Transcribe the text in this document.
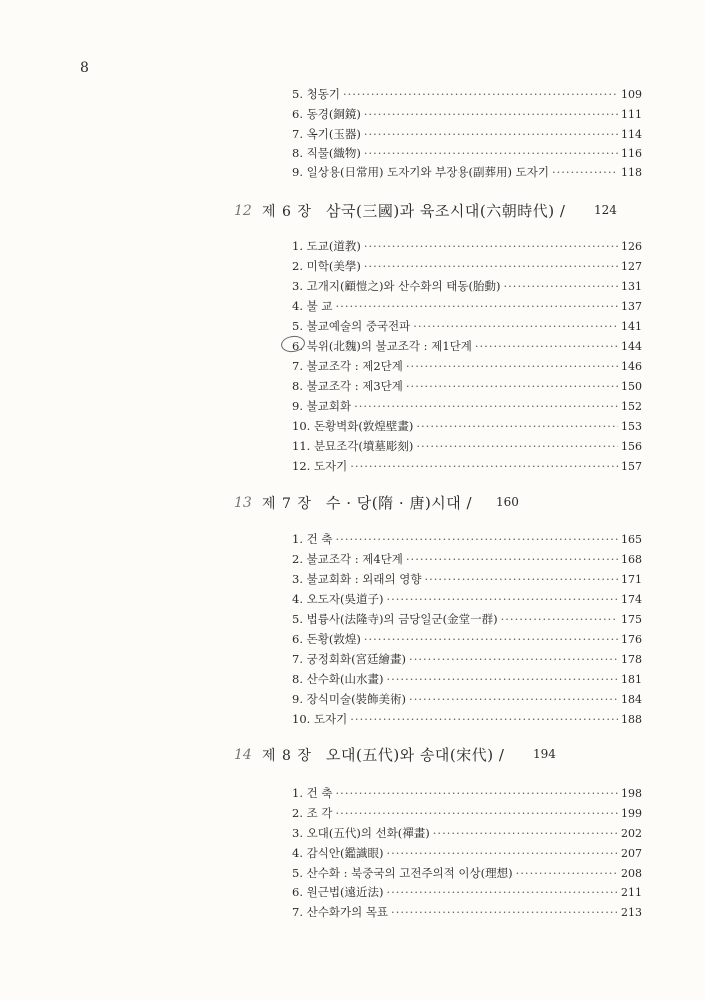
8
5. 청동기 ·····	109
6. 동경(銅鏡) ·····	111
7. 옥기(玉器) ·····	114
8. 직물(織物) ·····	116
9. 일상용(日常用) 도자기와 부장용(副葬用) 도자기 ·····	118
12 제 6 장 삼국(三國)과 육조시대(六朝時代) / 124
1. 도교(道教) ·····	126
2. 미학(美學) ·····	127
3. 고개지(顧愷之)와 산수화의 태동(胎動) ·····	131
4. 불 교 ·····	137
5. 불교예술의 중국전파 ·····	141
6. 북위(北魏)의 불교조각 : 제1단계 ·····	144
7. 불교조각 : 제2단계 ·····	146
8. 불교조각 : 제3단계 ·····	150
9. 불교회화 ·····	152
10. 돈황벽화(敦煌壁畫) ·····	153
11. 분묘조각(墳墓彫刻) ·····	156
12. 도자기 ·····	157
13 제 7 장 수 · 당(隋 · 唐)시대 / 160
1. 건 축 ·····	165
2. 불교조각 : 제4단계 ·····	168
3. 불교회화 : 외래의 영향 ·····	171
4. 오도자(吳道子) ·····	174
5. 법륭사(法隆寺)의 금당일군(金堂一群) ·····	175
6. 돈황(敦煌) ·····	176
7. 궁정회화(宮廷繪畫) ·····	178
8. 산수화(山水畫) ·····	181
9. 장식미술(裝飾美術) ·····	184
10. 도자기 ·····	188
14 제 8 장 오대(五代)와 송대(宋代) / 194
1. 건 축 ·····	198
2. 조 각 ·····	199
3. 오대(五代)의 선화(禪畫) ·····	202
4. 감식안(鑑識眼) ·····	207
5. 산수화 : 북중국의 고전주의적 이상(理想) ·····	208
6. 원근법(遠近法) ·····	211
7. 산수화가의 목표 ·····	213
